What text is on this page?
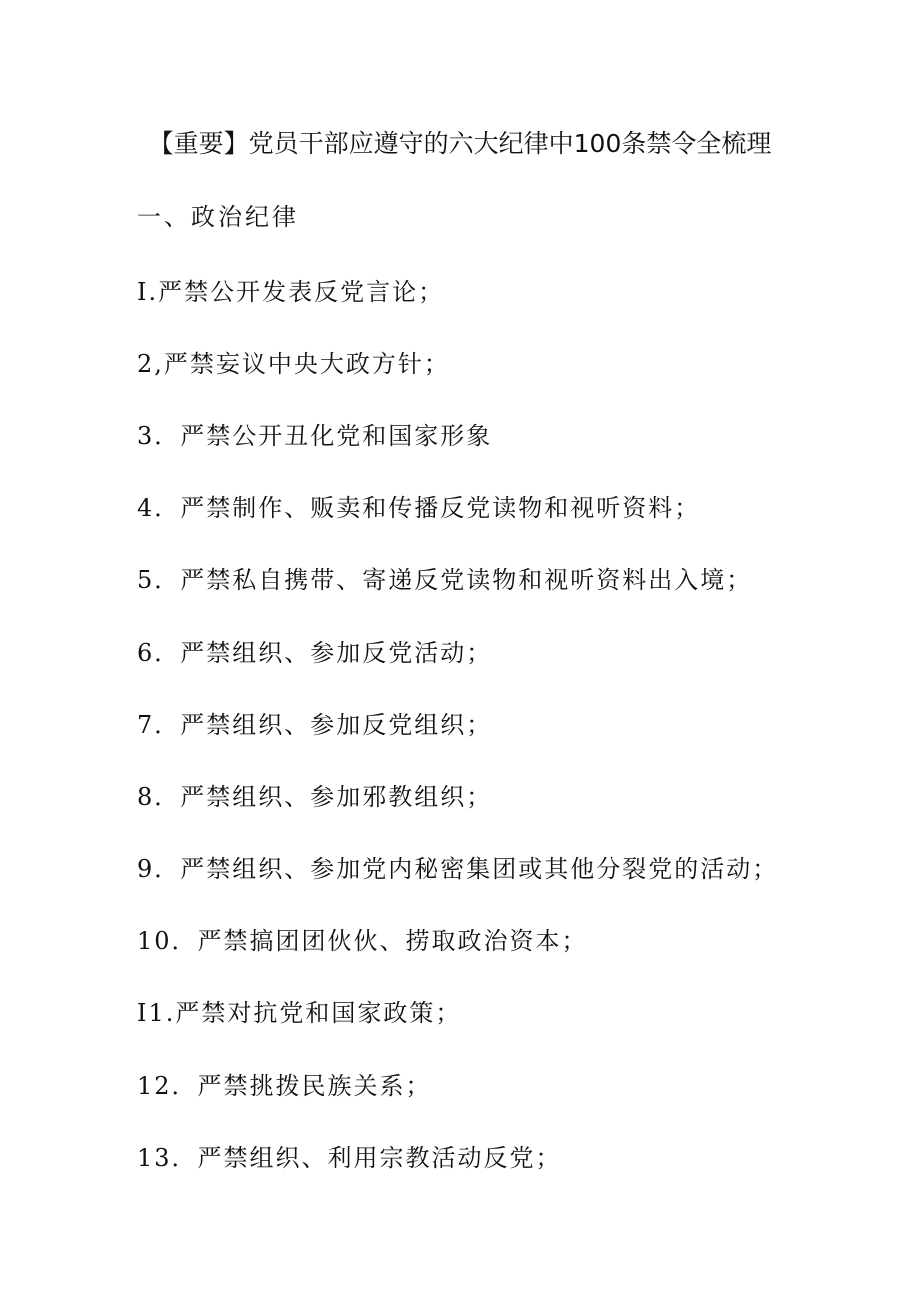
【重要】党员干部应遵守的六大纪律中100条禁令全梳理
一、政治纪律
I.严禁公开发表反党言论；
2,严禁妄议中央大政方针；
3．严禁公开丑化党和国家形象
4．严禁制作、贩卖和传播反党读物和视听资料；
5．严禁私自携带、寄递反党读物和视听资料出入境；
6．严禁组织、参加反党活动；
7．严禁组织、参加反党组织；
8．严禁组织、参加邪教组织；
9．严禁组织、参加党内秘密集团或其他分裂党的活动；
10．严禁搞团团伙伙、捞取政治资本；
I1.严禁对抗党和国家政策；
12．严禁挑拨民族关系；
13．严禁组织、利用宗教活动反党；
